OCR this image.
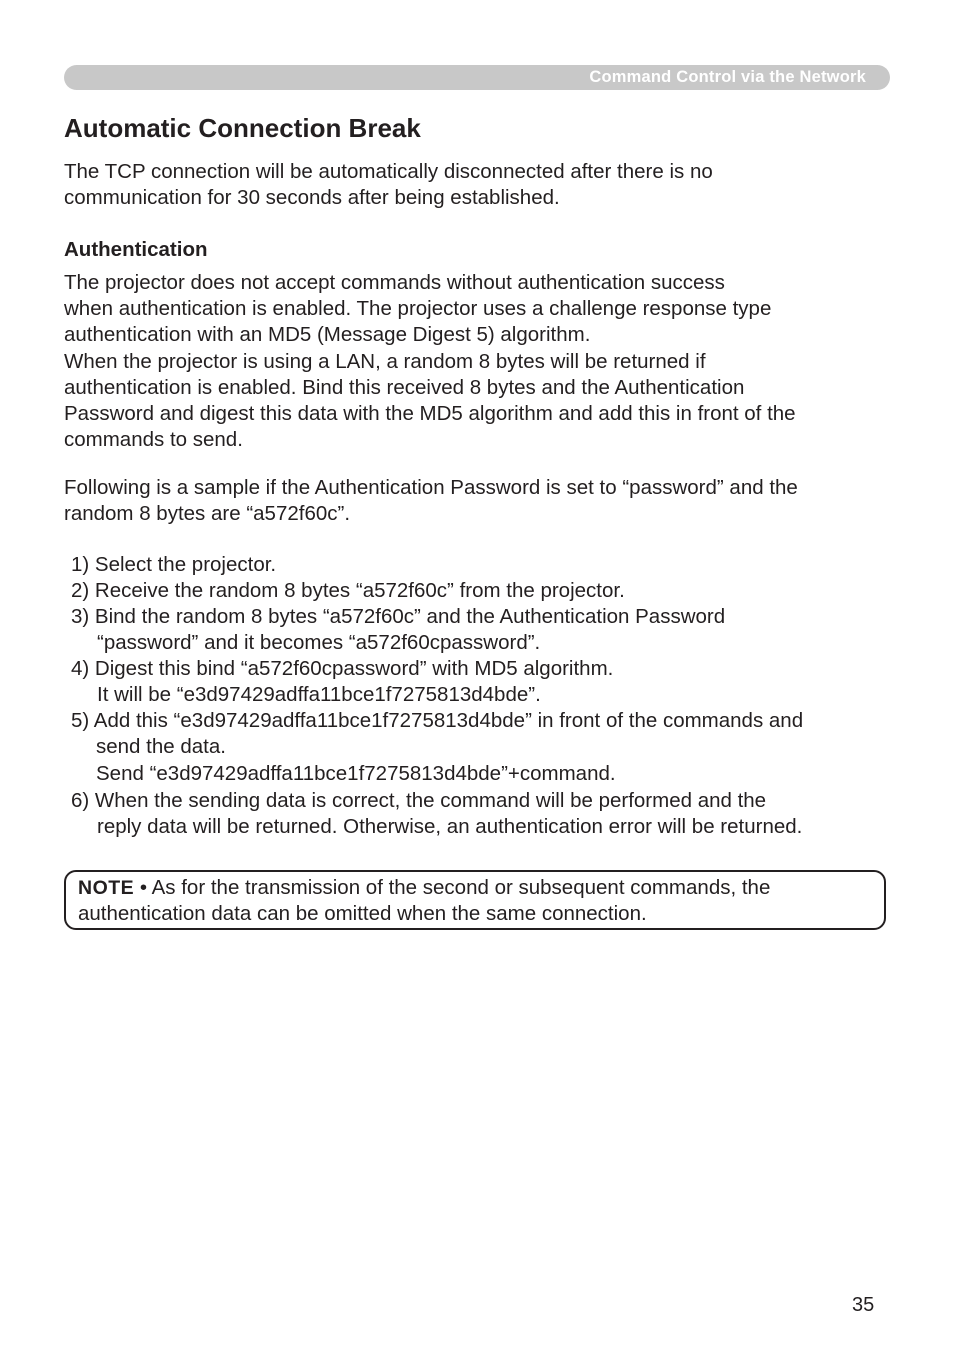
Command Control via the Network
Automatic Connection Break
The TCP connection will be automatically disconnected after there is no
communication for 30 seconds after being established.
Authentication
The projector does not accept commands without authentication success
when authentication is enabled. The projector uses a challenge response type
authentication with an MD5 (Message Digest 5) algorithm.
When the projector is using a LAN, a random 8 bytes will be returned if
authentication is enabled. Bind this received 8 bytes and the Authentication
Password and digest this data with the MD5 algorithm and add this in front of the
commands to send.
Following is a sample if the Authentication Password is set to “password” and the
random 8 bytes are “a572f60c”.
1) Select the projector.
2) Receive the random 8 bytes “a572f60c” from the projector.
3) Bind the random 8 bytes “a572f60c” and the Authentication Password
“password” and it becomes “a572f60cpassword”.
4) Digest this bind “a572f60cpassword” with MD5 algorithm.
It will be “e3d97429adffa11bce1f7275813d4bde”.
5) Add this “e3d97429adffa11bce1f7275813d4bde” in front of the commands and
send the data.
Send “e3d97429adffa11bce1f7275813d4bde”+command.
6) When the sending data is correct, the command will be performed and the
reply data will be returned. Otherwise, an authentication error will be returned.
NOTE • As for the transmission of the second or subsequent commands, the
authentication data can be omitted when the same connection.
35
